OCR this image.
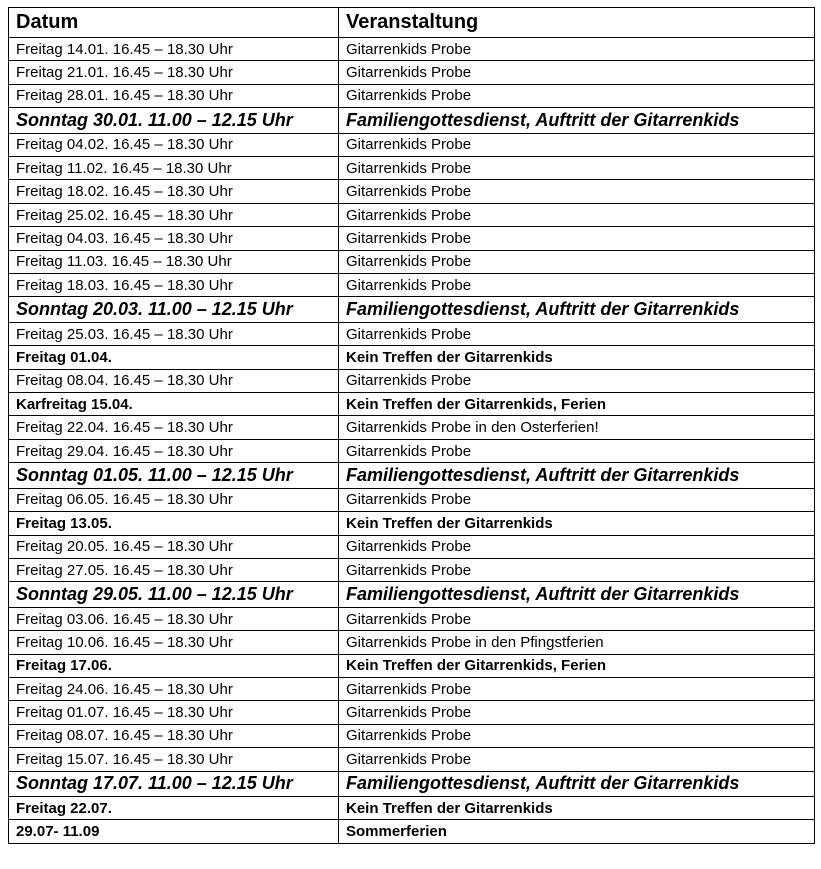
Datum	Veranstaltung
Freitag 14.01. 16.45 – 18.30 Uhr	Gitarrenkids Probe
Freitag 21.01. 16.45 – 18.30 Uhr	Gitarrenkids Probe
Freitag 28.01. 16.45 – 18.30 Uhr	Gitarrenkids Probe
Sonntag 30.01. 11.00 – 12.15 Uhr	Familiengottesdienst, Auftritt der Gitarrenkids
Freitag 04.02. 16.45 – 18.30 Uhr	Gitarrenkids Probe
Freitag 11.02. 16.45 – 18.30 Uhr	Gitarrenkids Probe
Freitag 18.02. 16.45 – 18.30 Uhr	Gitarrenkids Probe
Freitag 25.02. 16.45 – 18.30 Uhr	Gitarrenkids Probe
Freitag 04.03. 16.45 – 18.30 Uhr	Gitarrenkids Probe
Freitag 11.03. 16.45 – 18.30 Uhr	Gitarrenkids Probe
Freitag 18.03. 16.45 – 18.30 Uhr	Gitarrenkids Probe
Sonntag 20.03. 11.00 – 12.15 Uhr	Familiengottesdienst, Auftritt der Gitarrenkids
Freitag 25.03. 16.45 – 18.30 Uhr	Gitarrenkids Probe
Freitag 01.04.	Kein Treffen der Gitarrenkids
Freitag 08.04. 16.45 – 18.30 Uhr	Gitarrenkids Probe
Karfreitag 15.04.	Kein Treffen der Gitarrenkids, Ferien
Freitag 22.04. 16.45 – 18.30 Uhr	Gitarrenkids Probe in den Osterferien!
Freitag 29.04. 16.45 – 18.30 Uhr	Gitarrenkids Probe
Sonntag 01.05. 11.00 – 12.15 Uhr	Familiengottesdienst, Auftritt der Gitarrenkids
Freitag 06.05. 16.45 – 18.30 Uhr	Gitarrenkids Probe
Freitag 13.05.	Kein Treffen der Gitarrenkids
Freitag 20.05. 16.45 – 18.30 Uhr	Gitarrenkids Probe
Freitag 27.05. 16.45 – 18.30 Uhr	Gitarrenkids Probe
Sonntag 29.05. 11.00 – 12.15 Uhr	Familiengottesdienst, Auftritt der Gitarrenkids
Freitag 03.06. 16.45 – 18.30 Uhr	Gitarrenkids Probe
Freitag 10.06. 16.45 – 18.30 Uhr	Gitarrenkids Probe in den Pfingstferien
Freitag 17.06.	Kein Treffen der Gitarrenkids, Ferien
Freitag 24.06. 16.45 – 18.30 Uhr	Gitarrenkids Probe
Freitag 01.07. 16.45 – 18.30 Uhr	Gitarrenkids Probe
Freitag 08.07. 16.45 – 18.30 Uhr	Gitarrenkids Probe
Freitag 15.07. 16.45 – 18.30 Uhr	Gitarrenkids Probe
Sonntag 17.07. 11.00 – 12.15 Uhr	Familiengottesdienst, Auftritt der Gitarrenkids
Freitag 22.07.	Kein Treffen der Gitarrenkids
29.07- 11.09	Sommerferien
